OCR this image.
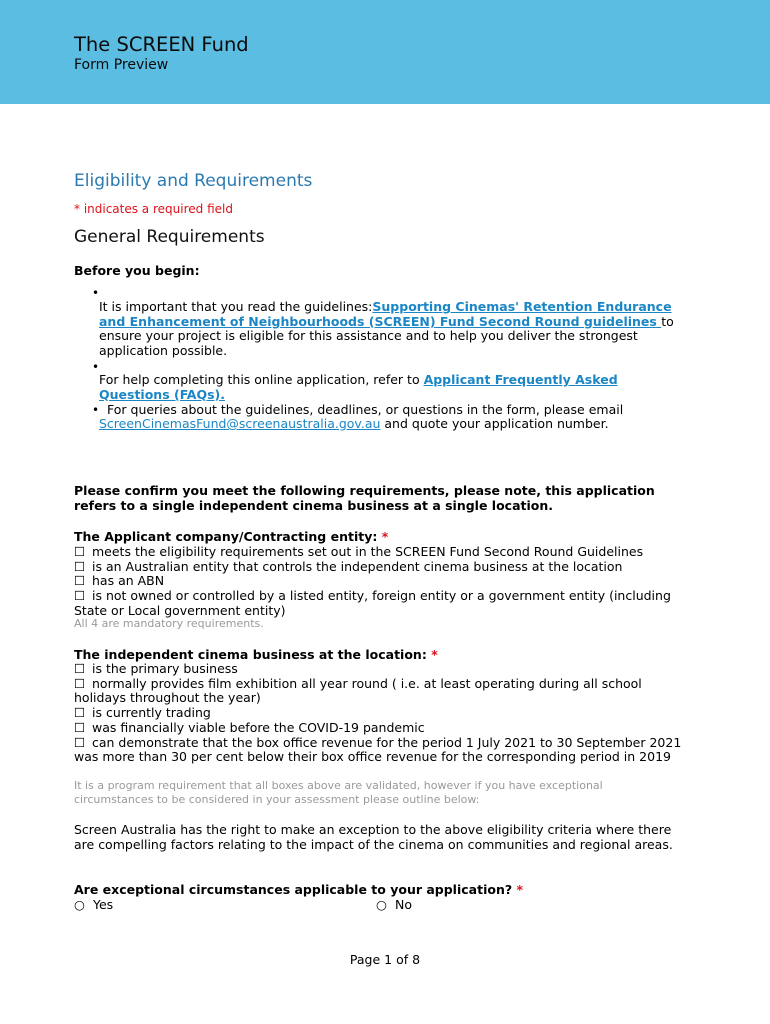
The SCREEN Fund
Form Preview
Eligibility and Requirements
* indicates a required field
General Requirements
Before you begin:
•
It is important that you read the guidelines:Supporting Cinemas' Retention Endurance and Enhancement of Neighbourhoods (SCREEN) Fund Second Round guidelines to ensure your project is eligible for this assistance and to help you deliver the strongest application possible.
•
For help completing this online application, refer to Applicant Frequently Asked Questions (FAQs).
• For queries about the guidelines, deadlines, or questions in the form, please email
ScreenCinemasFund@screenaustralia.gov.au and quote your application number.
Please confirm you meet the following requirements, please note, this application refers to a single independent cinema business at a single location.
The Applicant company/Contracting entity: *
☐ meets the eligibility requirements set out in the SCREEN Fund Second Round Guidelines
☐ is an Australian entity that controls the independent cinema business at the location
☐ has an ABN
☐ is not owned or controlled by a listed entity, foreign entity or a government entity (including State or Local government entity)
All 4 are mandatory requirements.
The independent cinema business at the location: *
☐ is the primary business
☐ normally provides film exhibition all year round ( i.e. at least operating during all school holidays throughout the year)
☐ is currently trading
☐ was financially viable before the COVID-19 pandemic
☐ can demonstrate that the box office revenue for the period 1 July 2021 to 30 September 2021 was more than 30 per cent below their box office revenue for the corresponding period in 2019
It is a program requirement that all boxes above are validated, however if you have exceptional circumstances to be considered in your assessment please outline below:
Screen Australia has the right to make an exception to the above eligibility criteria where there are compelling factors relating to the impact of the cinema on communities and regional areas.
Are exceptional circumstances applicable to your application? *
○ Yes	○ No
Page 1 of 8
